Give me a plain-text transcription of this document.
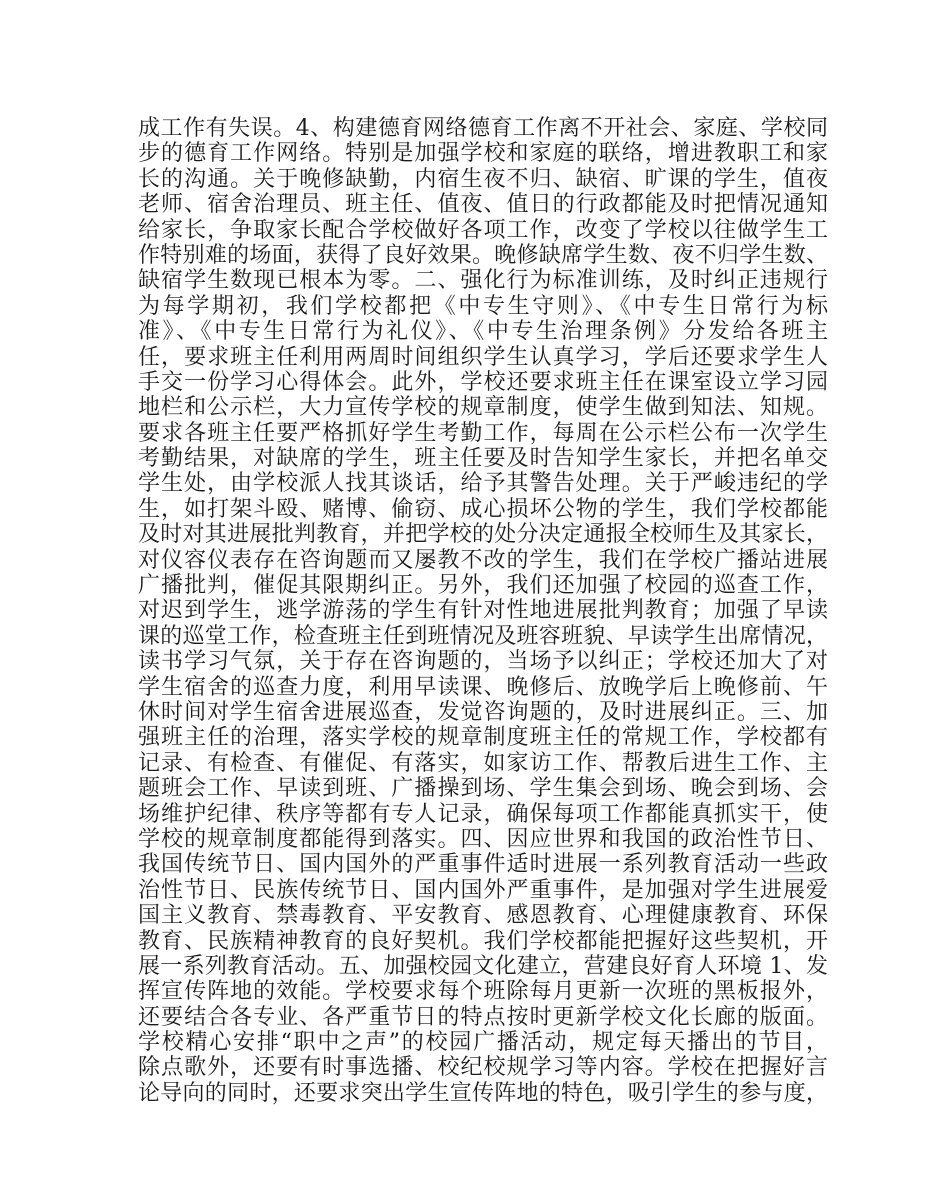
成工作有失误。4、构建德育网络德育工作离不开社会、家庭、学校同
步的德育工作网络。特别是加强学校和家庭的联络，增进教职工和家
长的沟通。关于晚修缺勤，内宿生夜不归、缺宿、旷课的学生，值夜
老师、宿舍治理员、班主任、值夜、值日的行政都能及时把情况通知
给家长，争取家长配合学校做好各项工作，改变了学校以往做学生工
作特别难的场面，获得了良好效果。晚修缺席学生数、夜不归学生数、
缺宿学生数现已根本为零。二、强化行为标准训练，及时纠正违规行
为每学期初，我们学校都把《中专生守则》、《中专生日常行为标
准》、《中专生日常行为礼仪》、《中专生治理条例》分发给各班主
任，要求班主任利用两周时间组织学生认真学习，学后还要求学生人
手交一份学习心得体会。此外，学校还要求班主任在课室设立学习园
地栏和公示栏，大力宣传学校的规章制度，使学生做到知法、知规。
要求各班主任要严格抓好学生考勤工作，每周在公示栏公布一次学生
考勤结果，对缺席的学生，班主任要及时告知学生家长，并把名单交
学生处，由学校派人找其谈话，给予其警告处理。关于严峻违纪的学
生，如打架斗殴、赌博、偷窃、成心损坏公物的学生，我们学校都能
及时对其进展批判教育，并把学校的处分决定通报全校师生及其家长，
对仪容仪表存在咨询题而又屡教不改的学生，我们在学校广播站进展
广播批判，催促其限期纠正。另外，我们还加强了校园的巡查工作，
对迟到学生，逃学游荡的学生有针对性地进展批判教育；加强了早读
课的巡堂工作，检查班主任到班情况及班容班貌、早读学生出席情况，
读书学习气氛，关于存在咨询题的，当场予以纠正；学校还加大了对
学生宿舍的巡查力度，利用早读课、晚修后、放晚学后上晚修前、午
休时间对学生宿舍进展巡查，发觉咨询题的，及时进展纠正。三、加
强班主任的治理，落实学校的规章制度班主任的常规工作，学校都有
记录、有检查、有催促、有落实，如家访工作、帮教后进生工作、主
题班会工作、早读到班、广播操到场、学生集会到场、晚会到场、会
场维护纪律、秩序等都有专人记录，确保每项工作都能真抓实干，使
学校的规章制度都能得到落实。四、因应世界和我国的政治性节日、
我国传统节日、国内国外的严重事件适时进展一系列教育活动一些政
治性节日、民族传统节日、国内国外严重事件，是加强对学生进展爱
国主义教育、禁毒教育、平安教育、感恩教育、心理健康教育、环保
教育、民族精神教育的良好契机。我们学校都能把握好这些契机，开
展一系列教育活动。五、加强校园文化建立，营建良好育人环境 1、发
挥宣传阵地的效能。学校要求每个班除每月更新一次班的黑板报外，
还要结合各专业、各严重节日的特点按时更新学校文化长廊的版面。
学校精心安排“职中之声”的校园广播活动，规定每天播出的节目，
除点歌外，还要有时事选播、校纪校规学习等内容。学校在把握好言
论导向的同时，还要求突出学生宣传阵地的特色，吸引学生的参与度，
